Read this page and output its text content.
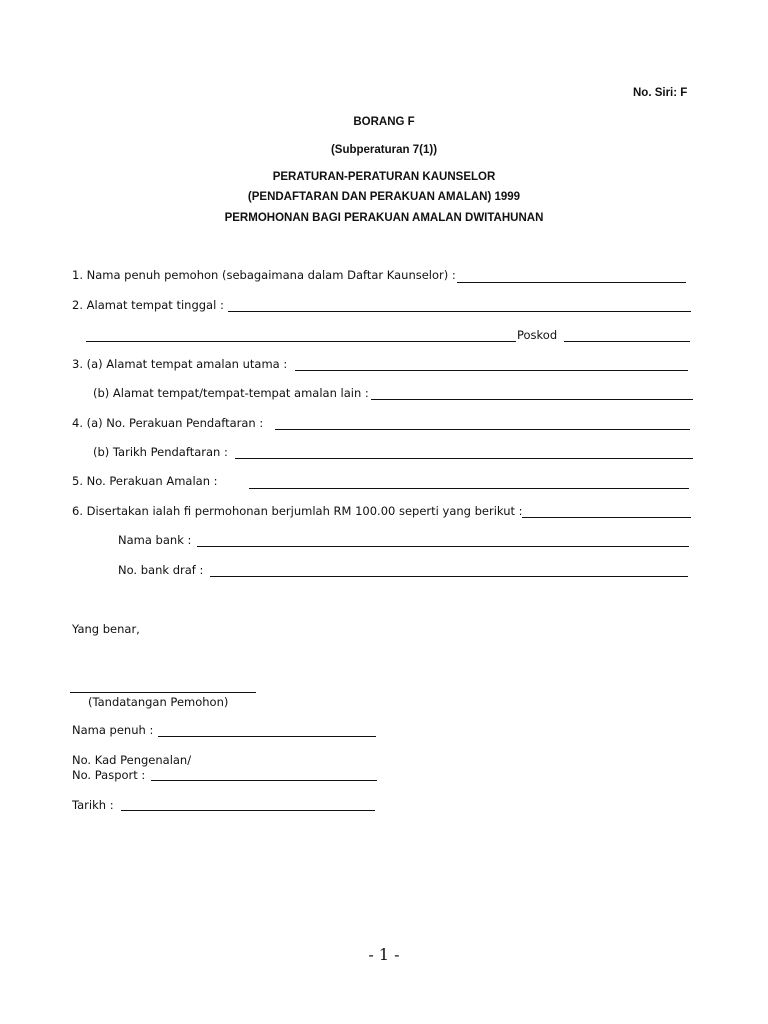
No. Siri: F
BORANG F
(Subperaturan 7(1))
PERATURAN-PERATURAN KAUNSELOR
(PENDAFTARAN DAN PERAKUAN AMALAN) 1999
PERMOHONAN BAGI PERAKUAN AMALAN DWITAHUNAN
1. Nama penuh pemohon (sebagaimana dalam Daftar Kaunselor) :
2. Alamat tempat tinggal :
Poskod
3. (a) Alamat tempat amalan utama :
(b) Alamat tempat/tempat-tempat amalan lain :
4. (a) No. Perakuan Pendaftaran :
(b) Tarikh Pendaftaran :
5. No. Perakuan Amalan :
6. Disertakan ialah fi permohonan berjumlah RM 100.00 seperti yang berikut :
Nama bank :
No. bank draf :
Yang benar,
(Tandatangan Pemohon)
Nama penuh :
No. Kad Pengenalan/
No. Pasport :
Tarikh :
- 1 -
